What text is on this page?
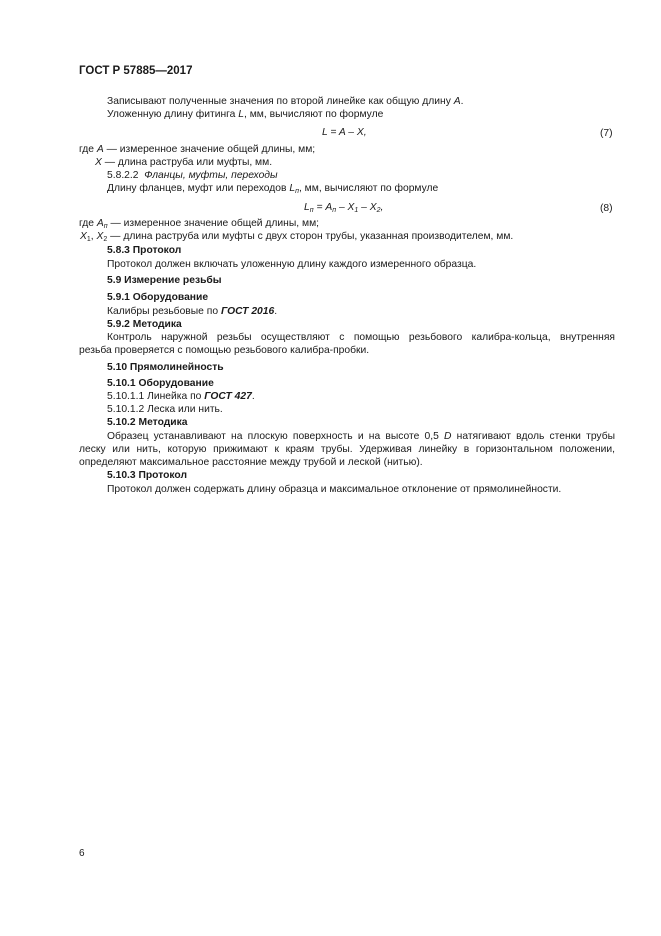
ГОСТ Р 57885—2017
Записывают полученные значения по второй линейке как общую длину А.
Уложенную длину фитинга L, мм, вычисляют по формуле
L = A – X,	(7)
где A — измеренное значение общей длины, мм;
X — длина раструба или муфты, мм.
5.8.2.2 Фланцы, муфты, переходы
Длину фланцев, муфт или переходов $L_п$, мм, вычисляют по формуле
$L_п = A_п - X_1 - X_2$,	(8)
где $A_п$ — измеренное значение общей длины, мм;
$X_1$, $X_2$ — длина раструба или муфты с двух сторон трубы, указанная производителем, мм.
5.8.3 Протокол
Протокол должен включать уложенную длину каждого измеренного образца.
5.9 Измерение резьбы
5.9.1 Оборудование
Калибры резьбовые по ГОСТ 2016.
5.9.2 Методика
Контроль наружной резьбы осуществляют с помощью резьбового калибра-кольца, внутренняя
резьба проверяется с помощью резьбового калибра-пробки.
5.10 Прямолинейность
5.10.1 Оборудование
5.10.1.1 Линейка по ГОСТ 427.
5.10.1.2 Леска или нить.
5.10.2 Методика
Образец устанавливают на плоскую поверхность и на высоте 0,5 D натягивают вдоль стенки трубы
леску или нить, которую прижимают к краям трубы. Удерживая линейку в горизонтальном положении,
определяют максимальное расстояние между трубой и леской (нитью).
5.10.3 Протокол
Протокол должен содержать длину образца и максимальное отклонение от прямолинейности.
6
